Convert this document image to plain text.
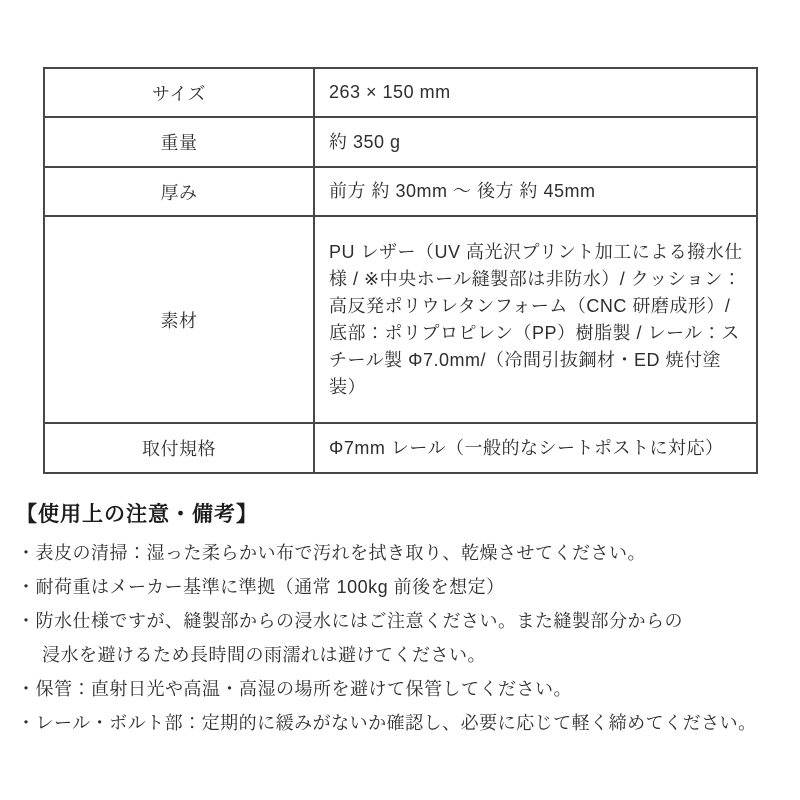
サイズ	263 × 150 mm
重量	約 350 g
厚み	前方 約 30mm ～ 後方 約 45mm
素材	PU レザー（UV 高光沢プリント加工による撥水仕様 / ※中央ホール縫製部は非防水）/ クッション：高反発ポリウレタンフォーム（CNC 研磨成形）/ 底部：ポリプロピレン（PP）樹脂製 / レール：スチール製 Φ7.0mm/（冷間引抜鋼材・ED 焼付塗装）
取付規格	Φ7mm レール（一般的なシートポストに対応）
【使用上の注意・備考】
・表皮の清掃：湿った柔らかい布で汚れを拭き取り、乾燥させてください。
・耐荷重はメーカー基準に準拠（通常 100kg 前後を想定）
・防水仕様ですが、縫製部からの浸水にはご注意ください。また縫製部分からの
浸水を避けるため長時間の雨濡れは避けてください。
・保管：直射日光や高温・高湿の場所を避けて保管してください。
・レール・ボルト部：定期的に緩みがないか確認し、必要に応じて軽く締めてください。
